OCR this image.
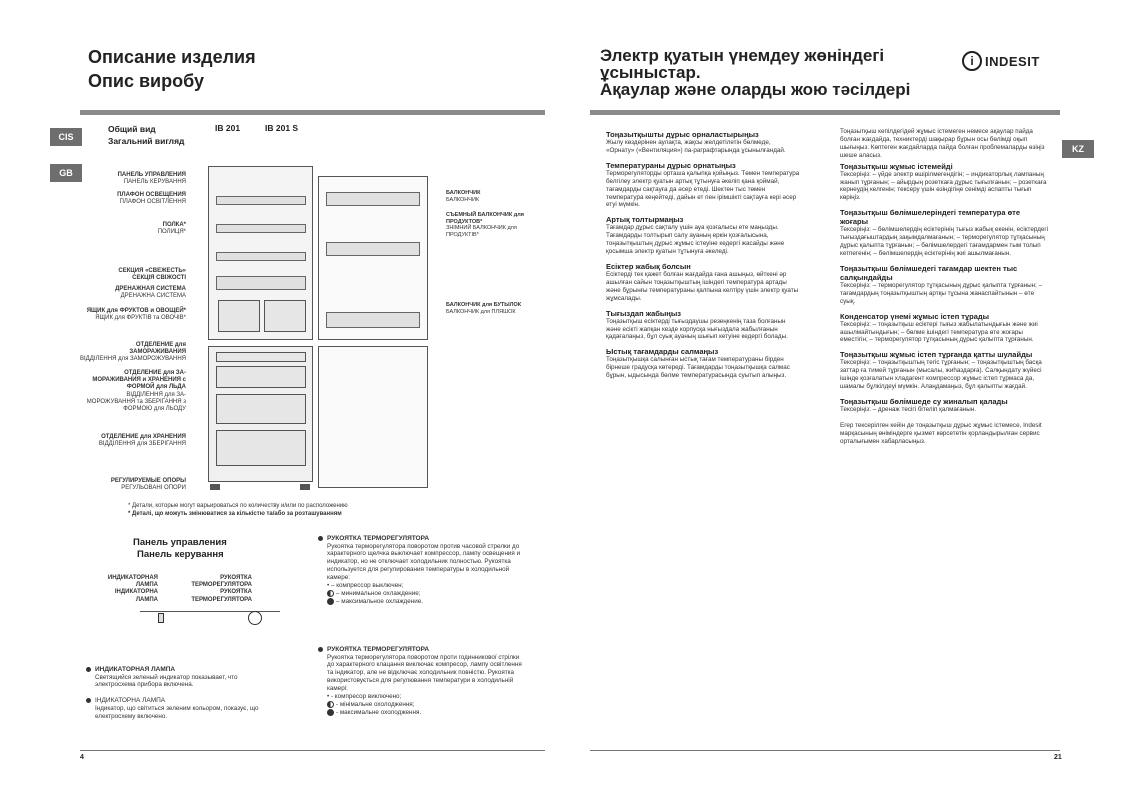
Описание изделия
Опис виробу
CIS
GB
Общий вид
Загальний вигляд
IB 201	IB 201 S
ПАНЕЛЬ УПРАВЛЕНИЯ
ПАНЕЛЬ КЕРУВАННЯ
ПЛАФОН ОСВЕЩЕНИЯ
ПЛАФОН ОСВІТЛЕННЯ
ПОЛКА*
ПОЛИЦЯ*
СЕКЦИЯ «СВЕЖЕСТЬ»
СЕКЦІЯ СВІЖОСТІ
ДРЕНАЖНАЯ СИСТЕМА
ДРЕНАЖНА СИСТЕМА
ЯЩИК для ФРУКТОВ и ОВОЩЕЙ*
ЯЩИК для ФРУКТІВ та ОВОЧІВ*
ОТДЕЛЕНИЕ для ЗАМОРАЖИВАНИЯ
ВІДДІЛЕННЯ для ЗАМОРОЖУВАННЯ
ОТДЕЛЕНИЕ для ЗА-МОРАЖИВАНИЯ и ХРАНЕНИЯ с ФОРМОЙ для ЛЬДА
ВІДДІЛЕННЯ для ЗА-МОРОЖУВАННЯ та ЗБЕРІГАННЯ з ФОРМОЮ для ЛЬОДУ
ОТДЕЛЕНИЕ для ХРАНЕНИЯ
ВІДДІЛЕННЯ для ЗБЕРІГАННЯ
РЕГУЛИРУЕМЫЕ ОПОРЫ
РЕГУЛЬОВАНІ ОПОРИ
БАЛКОНЧИК
БАЛКОНЧИК
СЪЕМНЫЙ БАЛКОНЧИК для ПРОДУКТОВ*
ЗНІМНИЙ БАЛКОНЧИК для ПРОДУКТІВ*
БАЛКОНЧИК для БУТЫЛОК
БАЛКОНЧИК для ПЛЯШОК
* Детали, которые могут варьироваться по количеству и/или по расположению
* Деталі, що можуть змінюватися за кількістю та/або за розташуванням
Панель управления
Панель керування
ИНДИКАТОРНАЯ ЛАМПА
ІНДИКАТОРНА ЛАМПА
РУКОЯТКА ТЕРМОРЕГУЛЯТОРА
РУКОЯТКА ТЕРМОРЕГУЛЯТОРА
ИНДИКАТОРНАЯ ЛАМПА
Светящийся зеленый индикатор показывает, что электросхема прибора включена.
ІНДИКАТОРНА ЛАМПА
Індикатор, що світиться зеленим кольором, показує, що електросхему включено.
РУКОЯТКА ТЕРМОРЕГУЛЯТОРА
Рукоятка терморегулятора поворотом против часовой стрелки до характерного щелчка выключает компрессор, лампу освещения и индикатор, но не отключает холодильник полностью. Рукоятка используется для регулирования температуры в холодильной камере:
• – компрессор выключен;
– минимальное охлаждение;
– максимальное охлаждение.
РУКОЯТКА ТЕРМОРЕГУЛЯТОРА
Рукоятка терморегулятора поворотом проти годинникової стрілки до характерного клацання виключає компресор, лампу освітлення та індикатор, але не відключає холодильник повністю. Рукоятка використовується для регулювання температури в холодильній камері:
• - компресор виключено;
- мінімальне охолодження;
- максимальне охолодження.
4
Электр қуатын үнемдеу жөніндегі
ұсыныстар.
Ақаулар және оларды жою тәсілдері
i INDESIT
KZ
Тоңазытқышты дұрыс орналастырыңыз
Жылу көздерінен аулақта, жақсы желдетілетін бөлмеде, «Орнату» («Вентиляция») па-раграфтарында ұсынылғандай.
Температураны дұрыс орнатыңыз
Терморегуляторды орташа қалыпқа қойыңыз. Төмен температура белгілеу электр қуатын артық тұтынуға әкеліп қана қоймай, тағамдарды сақтауға да әсер етеді. Шектен тыс төмен температура кеңейтеді, дайын ет пен ірімшікті сақтауға кері әсер етуі мүмкін.
Артық толтырмаңыз
Тағамдар дұрыс сақталу үшін ауа қозғалысы ете маңызды. Тағамдарды толтырып салу ауаның еркін қозғалысына, тоңазытқыштың дұрыс жұмыс істеуіне кедергі жасайды және қосымша электр қуатын тұтынуға әкеледі.
Есіктер жабық болсын
Есіктерді тек қажет болған жағдайда ғана ашыңыз, өйткені әр ашылған сайын тоңазытқыштың ішіндегі температура артады және бұрынғы температураны қалпына келтіру үшін электр қуаты жұмсалады.
Тығыздап жабыңыз
Тоңазытқыш есіктерді тығыздаушы резеңкенің таза болғанын және есікті жапқан кезде корпусқа нығыздала жабылғанын қадағалаңыз, бұл суық ауаның шығып кетуіне кедергі болады.
Ыстық тағамдарды салмаңыз
Тоңазытқышқа салынған ыстық тағам температураны бірден бірнеше градусқа көтереді. Тағамдарды тоңазытқышқа салмас бұрын, ыдысында бөлме температурасында суытып алыңыз.
Тоңазытқыш кепілдегідей жұмыс істемеген немесе ақаулар пайда болған жағдайда, техниктерді шақырар бұрын осы бөлімді оқып шығыңыз. Көптеген жағдайларда пайда болған проблемаларды өзіңіз шеше аласыз.
Тоңазытқыш жұмыс істемейді
Тексеріңіз: – үйде электр өшірілмегендігін; – индикаторлық лампаның жанып тұрғанын; – айырдың розеткаға дұрыс тығылғанын; – розеткаға кернеудің келгенін; тексеру үшін өзіндігіңе сенімді аспапты тығып көріңіз.
Тоңазытқыш бөлімшелеріндегі температура өте жоғары
Тексеріңіз: – бөлімшелердің есіктерінің тығыз жабық екенін, есіктердегі тығыздағыштардың зақымдалмағанын; – терморегулятор тұтқасының дұрыс қалыпта тұрғанын; – бөлімшелердегі тағамдармен тым толып кетпегенін; – бөлімшелердің есіктерінің жиі ашылмағанын.
Тоңазытқыш бөлімшедегі тағамдар шектен тыс салқындайды
Тексеріңіз: – терморегулятор тұтқасының дұрыс қалыпта тұрғанын; – тағамдардың тоңазытқыштың артқы тұсына жанаспайтынын – өте суық.
Конденсатор үнемі жұмыс істеп тұрады
Тексеріңіз: – тоңазытқыш есіктері тығыз жабылатындығын және жиі ашылмайтындығын; – бөлме ішіндегі температура өте жоғары еместігін; – терморегулятор тұтқасының дұрыс қалыпта тұрғанын.
Тоңазытқыш жұмыс істеп тұрғанда қатты шулайды
Тексеріңіз: – тоңазытқыштың тегіс тұрғанын; – тоңазытқыштың басқа заттар ға тимей тұрғанын (мысалы, жиһаздарға). Салқындату жүйесі ішінде қозғалатын хладагент компрессор жұмыс істеп тұрмаса да, шамалы бұлкілдеуі мүмкін. Алаңдамаңыз, бұл қалыпты жағдай.
Тоңазытқыш бөлімшеде су жиналып қалады
Тексеріңіз: – дренаж тесігі бітеліп қалмағанын.
Егер тексерілген кейін де тоңазытқыш дұрыс жұмыс істемесе, Indesit марқасының өніміндерге қызмет көрсететін қорландырылған сервис орталығымен хабарласыңыз.
21
